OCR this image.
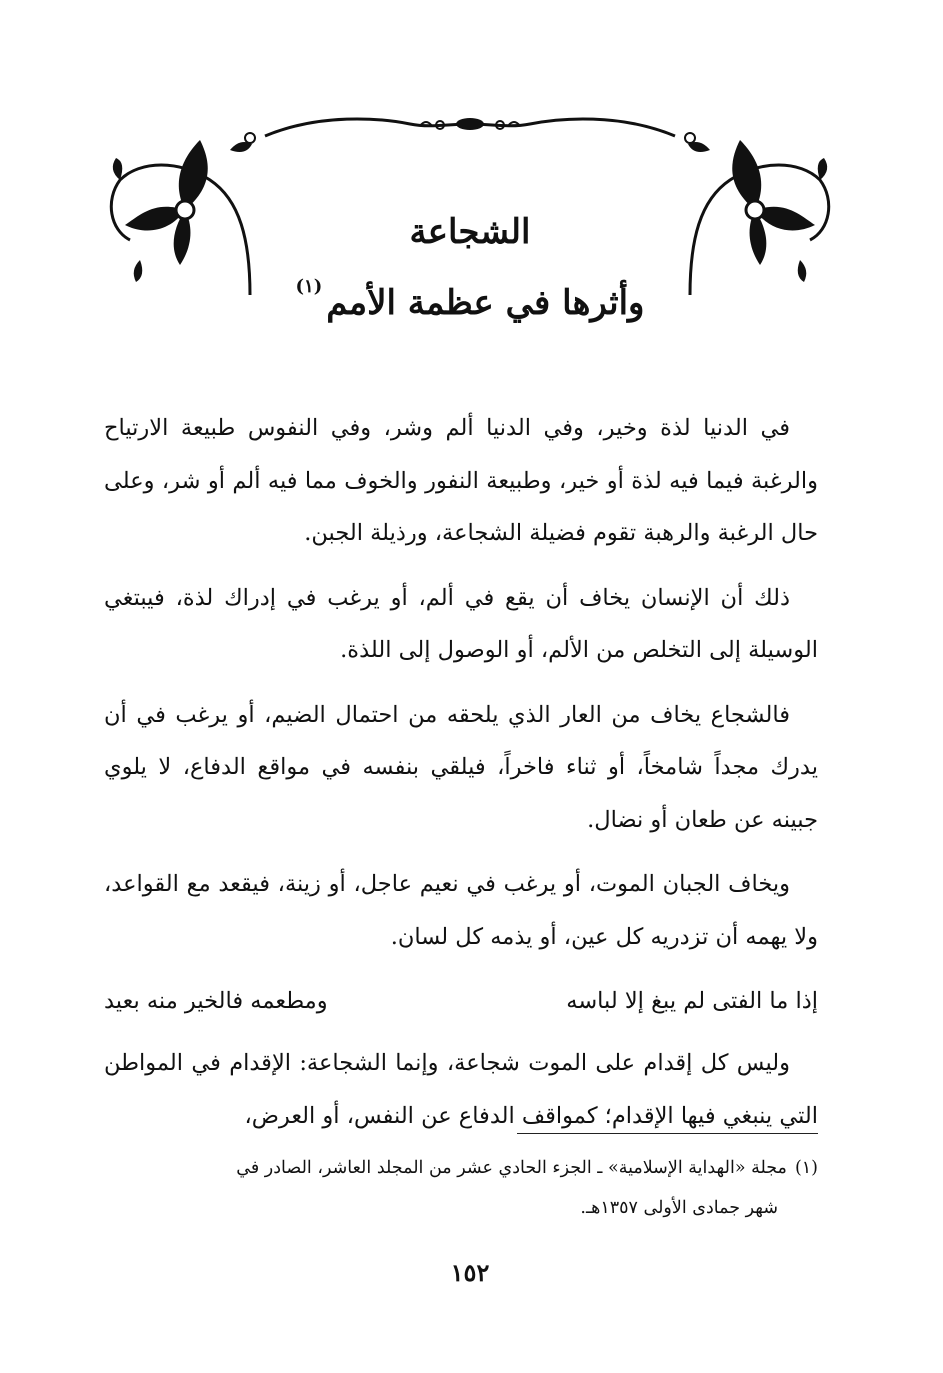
الشجاعة
وأثرها في عظمة الأمم$^{(١)}$

في الدنيا لذة وخير، وفي الدنيا ألم وشر، وفي النفوس طبيعة الارتياح والرغبة فيما فيه لذة أو خير، وطبيعة النفور والخوف مما فيه ألم أو شر، وعلى حال الرغبة والرهبة تقوم فضيلة الشجاعة، ورذيلة الجبن.

ذلك أن الإنسان يخاف أن يقع في ألم، أو يرغب في إدراك لذة، فيبتغي الوسيلة إلى التخلص من الألم، أو الوصول إلى اللذة.

فالشجاع يخاف من العار الذي يلحقه من احتمال الضيم، أو يرغب في أن يدرك مجداً شامخاً، أو ثناء فاخراً، فيلقي بنفسه في مواقع الدفاع، لا يلوي جبينه عن طعان أو نضال.

ويخاف الجبان الموت، أو يرغب في نعيم عاجل، أو زينة، فيقعد مع القواعد، ولا يهمه أن تزدريه كل عين، أو يذمه كل لسان.

إذا ما الفتى لم يبغ إلا لباسه
ومطعمه فالخير منه بعيد

وليس كل إقدام على الموت شجاعة، وإنما الشجاعة: الإقدام في المواطن التي ينبغي فيها الإقدام؛ كمواقف الدفاع عن النفس، أو العرض،

(١)مجلة «الهداية الإسلامية» ـ الجزء الحادي عشر من المجلد العاشر، الصادر في
شهر جمادى الأولى ١٣٥٧هـ.
١٥٢
